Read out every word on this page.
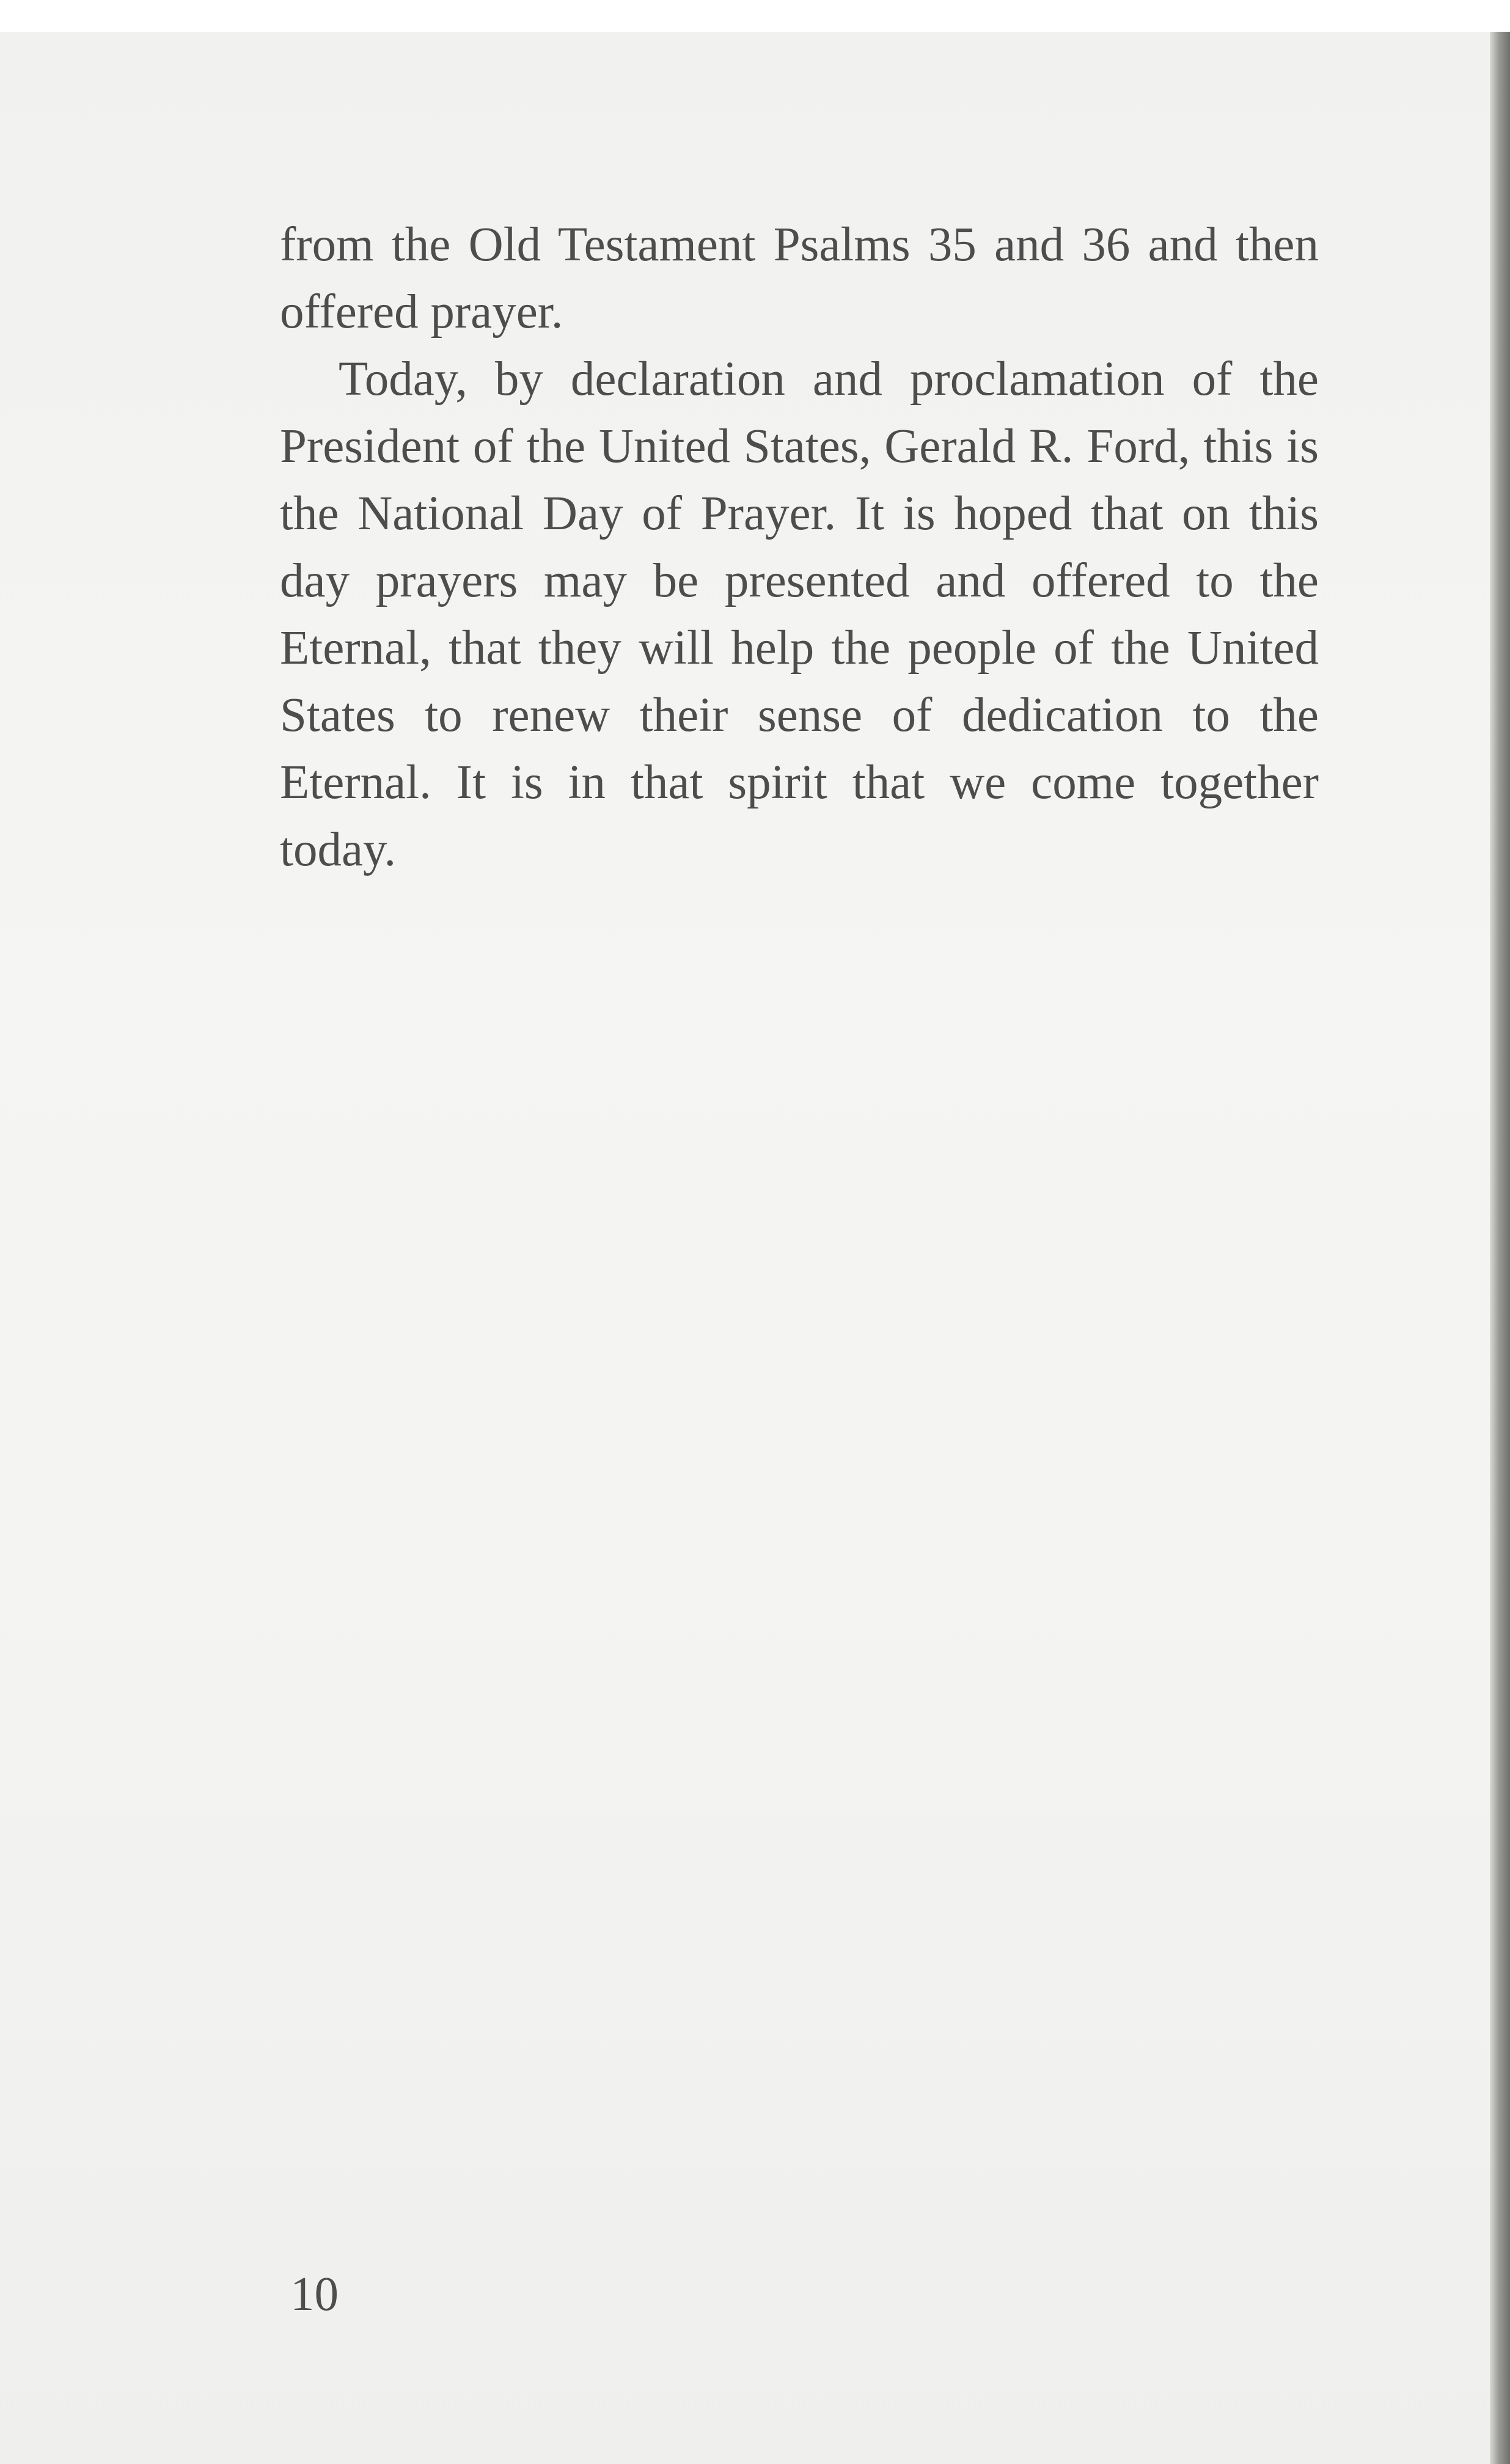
from the Old Testament Psalms 35 and 36 and then offered prayer.

Today, by declaration and proclamation of the President of the United States, Gerald R. Ford, this is the National Day of Prayer. It is hoped that on this day prayers may be presented and offered to the Eternal, that they will help the people of the United States to renew their sense of dedication to the Eternal. It is in that spirit that we come together today.

10
